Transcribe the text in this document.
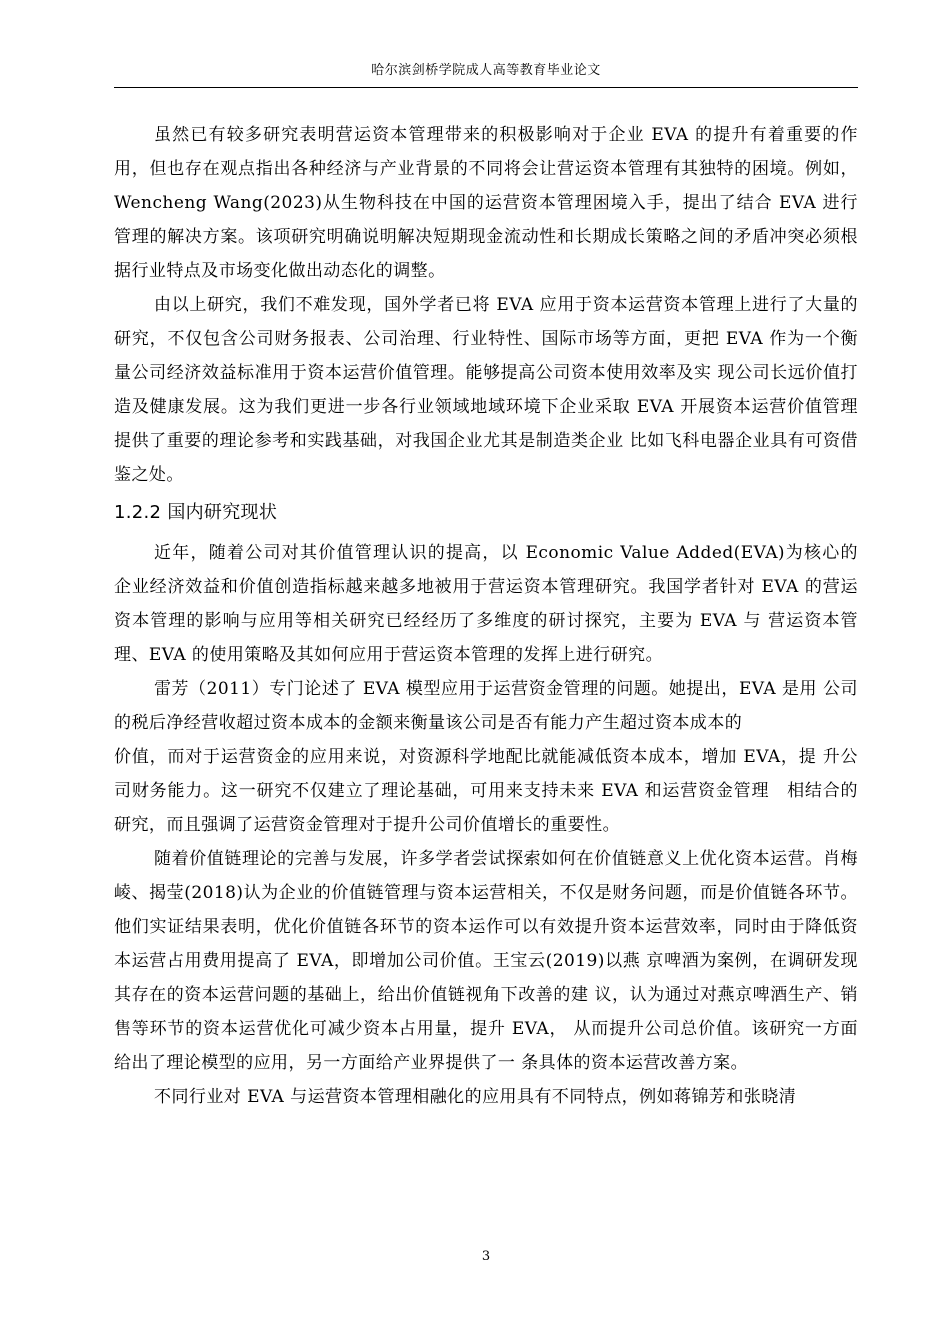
哈尔滨剑桥学院成人高等教育毕业论文

虽然已有较多研究表明营运资本管理带来的积极影响对于企业 EVA 的提升有着重要的作用，但也存在观点指出各种经济与产业背景的不同将会让营运资本管理有其独特的困境。例如，Wencheng Wang(2023)从生物科技在中国的运营资本管理困境入手，提出了结合 EVA 进行管理的解决方案。该项研究明确说明解决短期现金流动性和长期成长策略之间的矛盾冲突必须根据行业特点及市场变化做出动态化的调整。

由以上研究，我们不难发现，国外学者已将 EVA 应用于资本运营资本管理上进行了大量的研究，不仅包含公司财务报表、公司治理、行业特性、国际市场等方面，更把 EVA 作为一个衡量公司经济效益标准用于资本运营价值管理。能够提高公司资本使用效率及实 现公司长远价值打造及健康发展。这为我们更进一步各行业领域地域环境下企业采取 EVA 开展资本运营价值管理提供了重要的理论参考和实践基础，对我国企业尤其是制造类企业 比如飞科电器企业具有可资借鉴之处。

1.2.2 国内研究现状

近年，随着公司对其价值管理认识的提高，以 Economic Value Added(EVA)为核心的 企业经济效益和价值创造指标越来越多地被用于营运资本管理研究。我国学者针对 EVA 的营运资本管理的影响与应用等相关研究已经经历了多维度的研讨探究，主要为 EVA 与 营运资本管理、EVA 的使用策略及其如何应用于营运资本管理的发挥上进行研究。

雷芳（2011）专门论述了 EVA 模型应用于运营资金管理的问题。她提出，EVA 是用 公司的税后净经营收超过资本成本的金额来衡量该公司是否有能力产生超过资本成本的

价值，而对于运营资金的应用来说，对资源科学地配比就能减低资本成本，增加 EVA，提 升公司财务能力。这一研究不仅建立了理论基础，可用来支持未来 EVA 和运营资金管理　相结合的研究，而且强调了运营资金管理对于提升公司价值增长的重要性。

随着价值链理论的完善与发展，许多学者尝试探索如何在价值链意义上优化资本运营。肖梅崚、揭莹(2018)认为企业的价值链管理与资本运营相关，不仅是财务问题，而是价值链各环节。他们实证结果表明，优化价值链各环节的资本运作可以有效提升资本运营效率，同时由于降低资本运营占用费用提高了 EVA，即增加公司价值。王宝云(2019)以燕 京啤酒为案例，在调研发现其存在的资本运营问题的基础上，给出价值链视角下改善的建 议，认为通过对燕京啤酒生产、销售等环节的资本运营优化可减少资本占用量，提升 EVA， 从而提升公司总价值。该研究一方面给出了理论模型的应用，另一方面给产业界提供了一 条具体的资本运营改善方案。

不同行业对 EVA 与运营资本管理相融化的应用具有不同特点，例如蒋锦芳和张晓清

3
